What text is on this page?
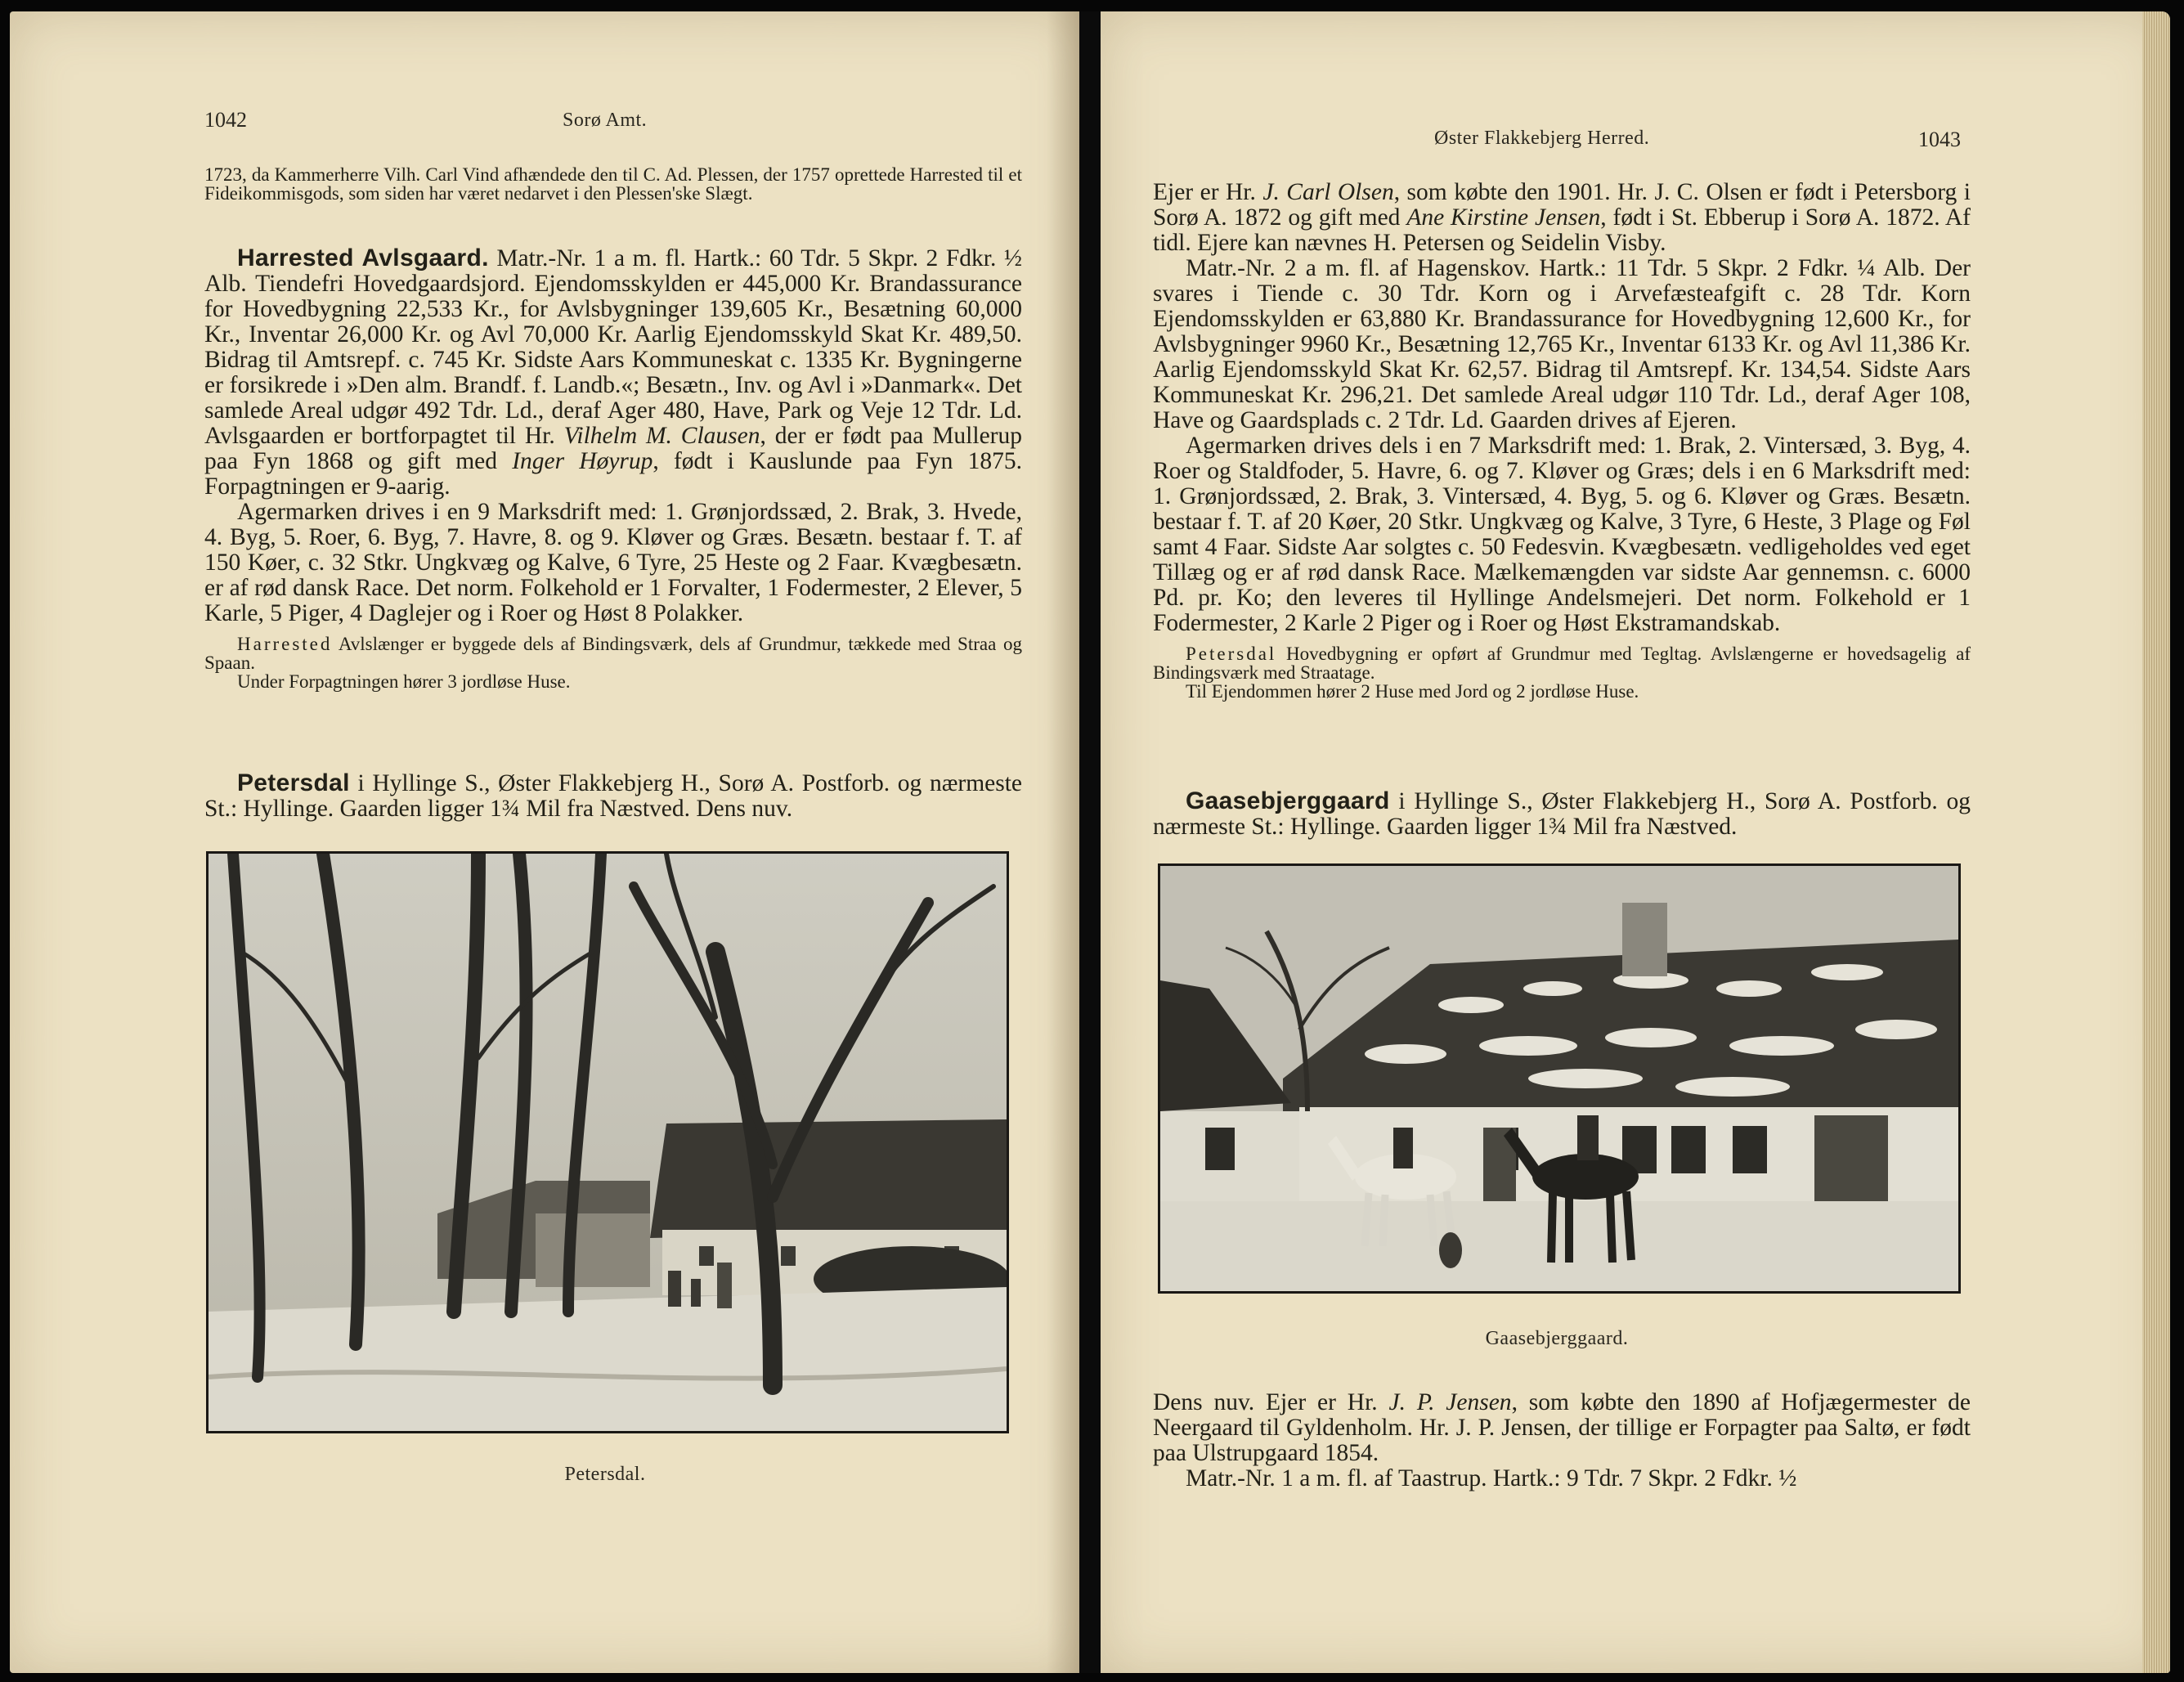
1042	Sorø Amt.

1723, da Kammerherre Vilh. Carl Vind afhændede den til C. Ad. Plessen, der 1757 oprettede Harrested til et Fideikommisgods, som siden har været nedarvet i den Plessen'ske Slægt.

Harrested Avlsgaard. Matr.-Nr. 1 a m. fl. Hartk.: 60 Tdr. 5 Skpr. 2 Fdkr. ½ Alb. Tiendefri Hovedgaardsjord. Ejendomsskylden er 445,000 Kr. Brandassurance for Hovedbygning 22,533 Kr., for Avlsbygninger 139,605 Kr., Besætning 60,000 Kr., Inventar 26,000 Kr. og Avl 70,000 Kr. Aarlig Ejendomsskyld Skat Kr. 489,50. Bidrag til Amtsrepf. c. 745 Kr. Sidste Aars Kommuneskat c. 1335 Kr. Bygningerne er forsikrede i »Den alm. Brandf. f. Landb.«; Besætn., Inv. og Avl i »Danmark«. Det samlede Areal udgør 492 Tdr. Ld., deraf Ager 480, Have, Park og Veje 12 Tdr. Ld. Avlsgaarden er bortforpagtet til Hr. Vilhelm M. Clausen, der er født paa Mullerup paa Fyn 1868 og gift med Inger Høyrup, født i Kauslunde paa Fyn 1875. Forpagtningen er 9-aarig.

Agermarken drives i en 9 Marksdrift med: 1. Grønjordssæd, 2. Brak, 3. Hvede, 4. Byg, 5. Roer, 6. Byg, 7. Havre, 8. og 9. Kløver og Græs. Besætn. bestaar f. T. af 150 Køer, c. 32 Stkr. Ungkvæg og Kalve, 6 Tyre, 25 Heste og 2 Faar. Kvægbesætn. er af rød dansk Race. Det norm. Folkehold er 1 Forvalter, 1 Fodermester, 2 Elever, 5 Karle, 5 Piger, 4 Daglejer og i Roer og Høst 8 Polakker.

Harrested Avlslænger er byggede dels af Bindingsværk, dels af Grundmur, tækkede med Straa og Spaan.

Under Forpagtningen hører 3 jordløse Huse.

Petersdal i Hyllinge S., Øster Flakkebjerg H., Sorø A. Postforb. og nærmeste St.: Hyllinge. Gaarden ligger 1¾ Mil fra Næstved. Dens nuv.

Petersdal.
Øster Flakkebjerg Herred.	1043

Ejer er Hr. J. Carl Olsen, som købte den 1901. Hr. J. C. Olsen er født i Petersborg i Sorø A. 1872 og gift med Ane Kirstine Jensen, født i St. Ebberup i Sorø A. 1872. Af tidl. Ejere kan nævnes H. Petersen og Seidelin Visby.

Matr.-Nr. 2 a m. fl. af Hagenskov. Hartk.: 11 Tdr. 5 Skpr. 2 Fdkr. ¼ Alb. Der svares i Tiende c. 30 Tdr. Korn og i Arvefæsteafgift c. 28 Tdr. Korn Ejendomsskylden er 63,880 Kr. Brandassurance for Hovedbygning 12,600 Kr., for Avlsbygninger 9960 Kr., Besætning 12,765 Kr., Inventar 6133 Kr. og Avl 11,386 Kr. Aarlig Ejendomsskyld Skat Kr. 62,57. Bidrag til Amtsrepf. Kr. 134,54. Sidste Aars Kommuneskat Kr. 296,21. Det samlede Areal udgør 110 Tdr. Ld., deraf Ager 108, Have og Gaardsplads c. 2 Tdr. Ld. Gaarden drives af Ejeren.

Agermarken drives dels i en 7 Marksdrift med: 1. Brak, 2. Vintersæd, 3. Byg, 4. Roer og Staldfoder, 5. Havre, 6. og 7. Kløver og Græs; dels i en 6 Marksdrift med: 1. Grønjordssæd, 2. Brak, 3. Vintersæd, 4. Byg, 5. og 6. Kløver og Græs. Besætn. bestaar f. T. af 20 Køer, 20 Stkr. Ungkvæg og Kalve, 3 Tyre, 6 Heste, 3 Plage og Føl samt 4 Faar. Sidste Aar solgtes c. 50 Fedesvin. Kvægbesætn. vedligeholdes ved eget Tillæg og er af rød dansk Race. Mælkemængden var sidste Aar gennemsn. c. 6000 Pd. pr. Ko; den leveres til Hyllinge Andelsmejeri. Det norm. Folkehold er 1 Fodermester, 2 Karle 2 Piger og i Roer og Høst Ekstramandskab.

Petersdal Hovedbygning er opført af Grundmur med Tegltag. Avlslængerne er hovedsagelig af Bindingsværk med Straatage.

Til Ejendommen hører 2 Huse med Jord og 2 jordløse Huse.

Gaasebjerggaard i Hyllinge S., Øster Flakkebjerg H., Sorø A. Postforb. og nærmeste St.: Hyllinge. Gaarden ligger 1¾ Mil fra Næstved.

Gaasebjerggaard.

Dens nuv. Ejer er Hr. J. P. Jensen, som købte den 1890 af Hofjægermester de Neergaard til Gyldenholm. Hr. J. P. Jensen, der tillige er Forpagter paa Saltø, er født paa Ulstrupgaard 1854.

Matr.-Nr. 1 a m. fl. af Taastrup. Hartk.: 9 Tdr. 7 Skpr. 2 Fdkr. ½
